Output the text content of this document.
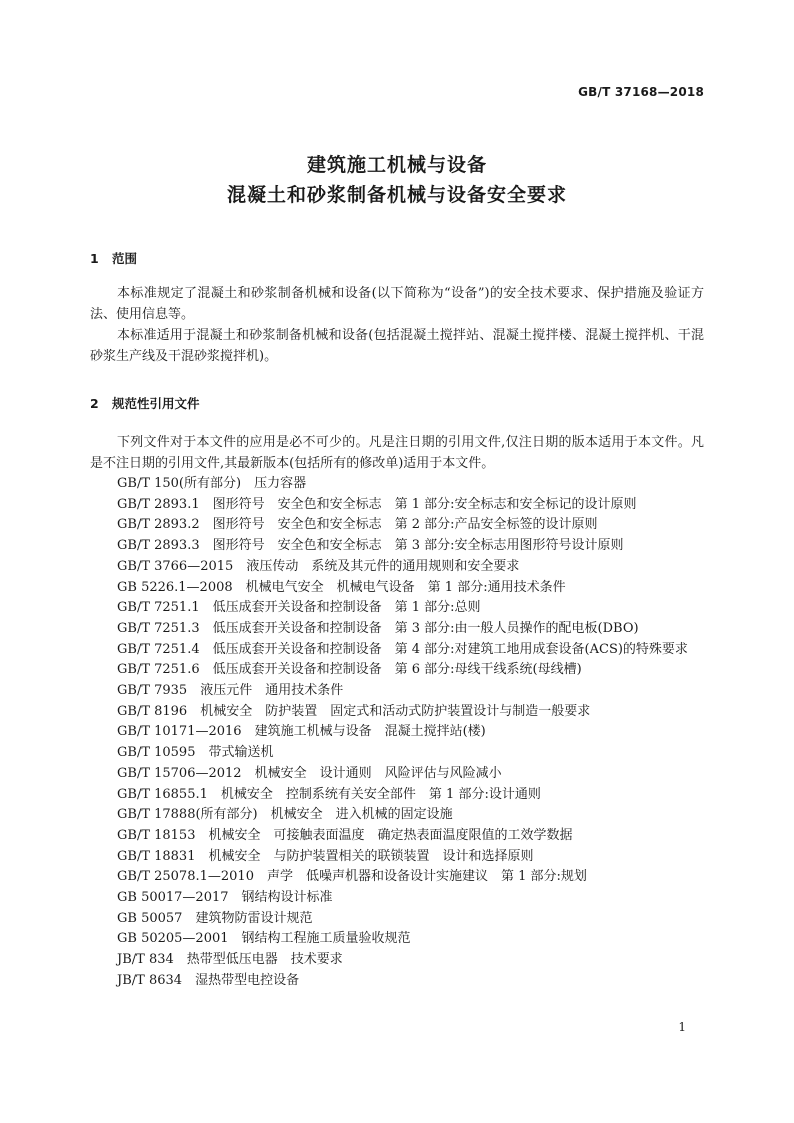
GB/T 37168—2018
建筑施工机械与设备
混凝土和砂浆制备机械与设备安全要求
1 范围

本标准规定了混凝土和砂浆制备机械和设备(以下简称为“设备”)的安全技术要求、保护措施及验证方法、使用信息等。

本标准适用于混凝土和砂浆制备机械和设备(包括混凝土搅拌站、混凝土搅拌楼、混凝土搅拌机、干混砂浆生产线及干混砂浆搅拌机)。

2 规范性引用文件

下列文件对于本文件的应用是必不可少的。凡是注日期的引用文件,仅注日期的版本适用于本文件。凡是不注日期的引用文件,其最新版本(包括所有的修改单)适用于本文件。

GB/T 150(所有部分)　 压力容器
GB/T 2893.1　 图形符号　安全色和安全标志　第 1 部分:安全标志和安全标记的设计原则
GB/T 2893.2　 图形符号　安全色和安全标志　第 2 部分:产品安全标签的设计原则
GB/T 2893.3　 图形符号　安全色和安全标志　第 3 部分:安全标志用图形符号设计原则
GB/T 3766—2015　 液压传动　系统及其元件的通用规则和安全要求
GB 5226.1—2008　 机械电气安全　机械电气设备　第 1 部分:通用技术条件
GB/T 7251.1　 低压成套开关设备和控制设备　第 1 部分:总则
GB/T 7251.3　 低压成套开关设备和控制设备　第 3 部分:由一般人员操作的配电板(DBO)
GB/T 7251.4　 低压成套开关设备和控制设备　第 4 部分:对建筑工地用成套设备(ACS)的特殊要求
GB/T 7251.6　 低压成套开关设备和控制设备　第 6 部分:母线干线系统(母线槽)
GB/T 7935　 液压元件　通用技术条件
GB/T 8196　 机械安全　防护装置　固定式和活动式防护装置设计与制造一般要求
GB/T 10171—2016　 建筑施工机械与设备　混凝土搅拌站(楼)
GB/T 10595　 带式输送机
GB/T 15706—2012　 机械安全　设计通则　风险评估与风险减小
GB/T 16855.1　 机械安全　控制系统有关安全部件　第 1 部分:设计通则
GB/T 17888(所有部分)　 机械安全　进入机械的固定设施
GB/T 18153　 机械安全　可接触表面温度　确定热表面温度限值的工效学数据
GB/T 18831　 机械安全　与防护装置相关的联锁装置　设计和选择原则
GB/T 25078.1—2010　 声学　低噪声机器和设备设计实施建议　第 1 部分:规划
GB 50017—2017　 钢结构设计标准
GB 50057　 建筑物防雷设计规范
GB 50205—2001　 钢结构工程施工质量验收规范
JB/T 834　 热带型低压电器　技术要求
JB/T 8634　 湿热带型电控设备
1
